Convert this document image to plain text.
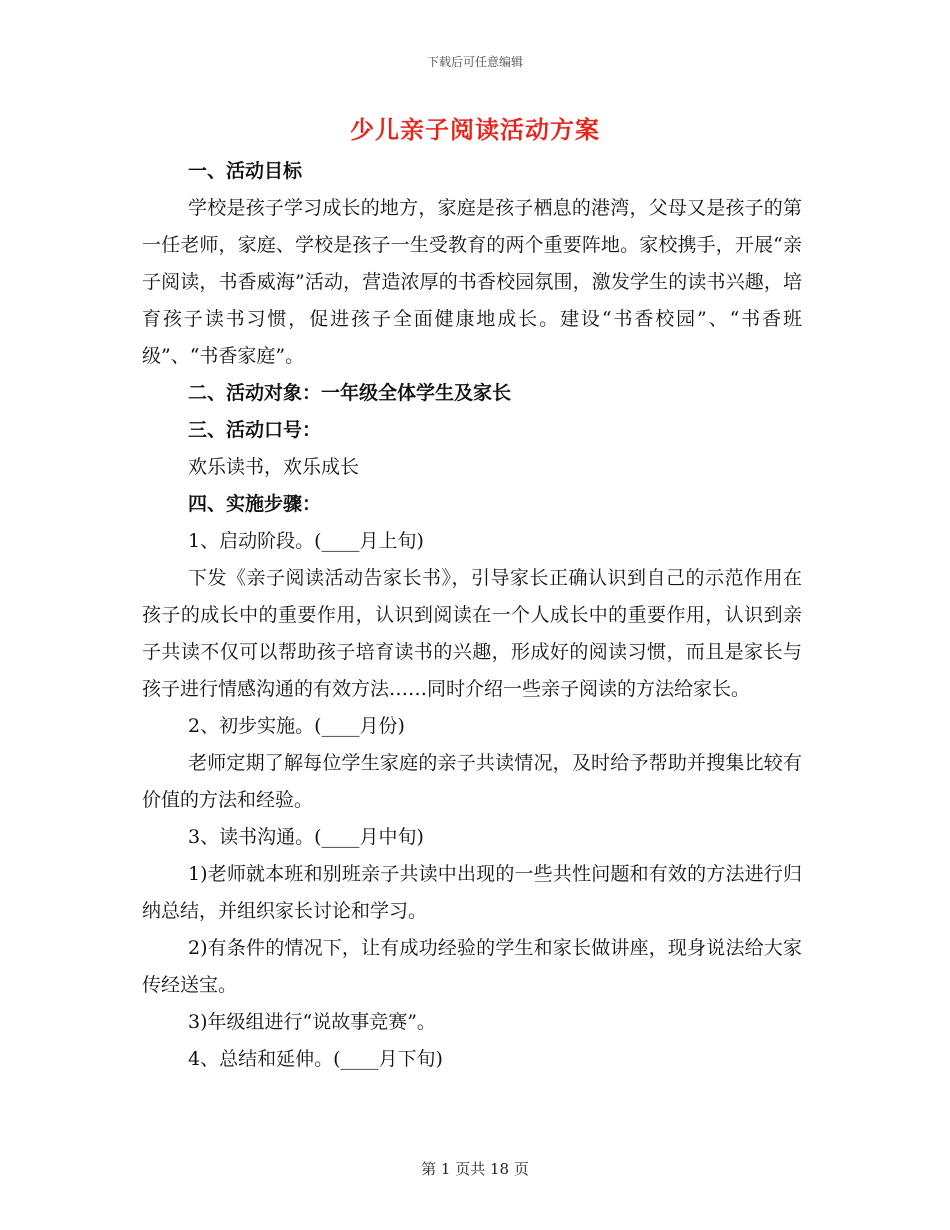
下载后可任意编辑
少儿亲子阅读活动方案

一、活动目标

学校是孩子学习成长的地方，家庭是孩子栖息的港湾，父母又是孩子的第一任老师，家庭、学校是孩子一生受教育的两个重要阵地。家校携手，开展“亲子阅读，书香威海”活动，营造浓厚的书香校园氛围，激发学生的读书兴趣，培育孩子读书习惯，促进孩子全面健康地成长。建设“书香校园”、“书香班级”、“书香家庭”。

二、活动对象：一年级全体学生及家长

三、活动口号：

欢乐读书，欢乐成长

四、实施步骤：

1、启动阶段。(____月上旬)

下发《亲子阅读活动告家长书》，引导家长正确认识到自己的示范作用在孩子的成长中的重要作用，认识到阅读在一个人成长中的重要作用，认识到亲子共读不仅可以帮助孩子培育读书的兴趣，形成好的阅读习惯，而且是家长与孩子进行情感沟通的有效方法……同时介绍一些亲子阅读的方法给家长。

2、初步实施。(____月份)

老师定期了解每位学生家庭的亲子共读情况，及时给予帮助并搜集比较有价值的方法和经验。

3、读书沟通。(____月中旬)

1)老师就本班和别班亲子共读中出现的一些共性问题和有效的方法进行归纳总结，并组织家长讨论和学习。

2)有条件的情况下，让有成功经验的学生和家长做讲座，现身说法给大家传经送宝。

3)年级组进行“说故事竞赛”。

4、总结和延伸。(____月下旬)

第 1 页共 18 页
